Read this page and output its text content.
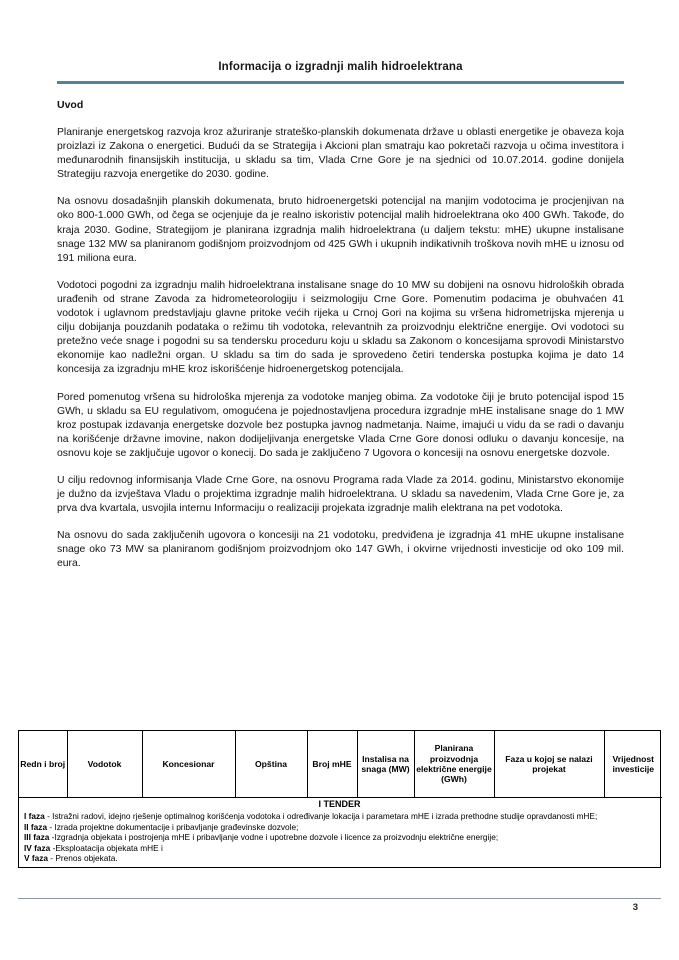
Informacija o izgradnji malih hidroelektrana
Uvod

Planiranje energetskog razvoja kroz ažuriranje strateško-planskih dokumenata države u oblasti energetike je obaveza koja proizlazi iz Zakona o energetici. Budući da se Strategija i Akcioni plan smatraju kao pokretači razvoja u očima investitora i međunarodnih finansijskih institucija, u skladu sa tim, Vlada Crne Gore je na sjednici od 10.07.2014. godine donijela Strategiju razvoja energetike do 2030. godine.

Na osnovu dosadašnjih planskih dokumenata, bruto hidroenergetski potencijal na manjim vodotocima je procjenjivan na oko 800-1.000 GWh, od čega se ocjenjuje da je realno iskoristiv potencijal malih hidroelektrana oko 400 GWh. Takođe, do kraja 2030. Godine, Strategijom je planirana izgradnja malih hidroelektrana (u daljem tekstu: mHE) ukupne instalisane snage 132 MW sa planiranom godišnjom proizvodnjom od 425 GWh i ukupnih indikativnih troškova novih mHE u iznosu od 191 miliona eura.

Vodotoci pogodni za izgradnju malih hidroelektrana instalisane snage do 10 MW su dobijeni na osnovu hidroloških obrada urađenih od strane Zavoda za hidrometeorologiju i seizmologiju Crne Gore. Pomenutim podacima je obuhvaćen 41 vodotok i uglavnom predstavljaju glavne pritoke većih rijeka u Crnoj Gori na kojima su vršena hidrometrijska mjerenja u cilju dobijanja pouzdanih podataka o režimu tih vodotoka, relevantnih za proizvodnju električne energije. Ovi vodotoci su pretežno veće snage i pogodni su sa tendersku proceduru koju u skladu sa Zakonom o koncesijama sprovodi Ministarstvo ekonomije kao nadležni organ. U skladu sa tim do sada je sprovedeno četiri tenderska postupka kojima je dato 14 koncesija za izgradnju mHE kroz iskorišćenje hidroenergetskog potencijala.

Pored pomenutog vršena su hidrološka mjerenja za vodotoke manjeg obima. Za vodotoke čiji je bruto potencijal ispod 15 GWh, u skladu sa EU regulativom, omogućena je pojednostavljena procedura izgradnje mHE instalisane snage do 1 MW kroz postupak izdavanja energetske dozvole bez postupka javnog nadmetanja. Naime, imajući u vidu da se radi o davanju na korišćenje državne imovine, nakon dodijeljivanja energetske Vlada Crne Gore donosi odluku o davanju koncesije, na osnovu koje se zaključuje ugovor o konecij. Do sada je zaključeno 7 Ugovora o koncesiji na osnovu energetske dozvole.

U cilju redovnog informisanja Vlade Crne Gore, na osnovu Programa rada Vlade za 2014. godinu, Ministarstvo ekonomije je dužno da izvještava Vladu o projektima izgradnje malih hidroelektrana. U skladu sa navedenim, Vlada Crne Gore je, za prva dva kvartala, usvojila internu Informaciju o realizaciji projekata izgradnje malih elektrana na pet vodotoka.

Na osnovu do sada zaključenih ugovora o koncesiji na 21 vodotoku, predviđena je izgradnja 41 mHE ukupne instalisane snage oko 73 MW sa planiranom godišnjom proizvodnjom oko 147 GWh, i okvirne vrijednosti investicije od oko 109 mil. eura.

Redn i broj	Vodotok	Koncesionar	Opština	Broj mHE	Instalisa na snaga (MW)	Planirana proizvodnja električne energije (GWh)	Faza u kojoj se nalazi projekat	Vrijednost investicije
I TENDER
I faza - Istražni radovi, idejno rješenje optimalnog korišćenja vodotoka i određivanje lokacija i parametara mHE i izrada prethodne studije opravdanosti mHE;
II faza - Izrada projektne dokumentacije i pribavljanje građevinske dozvole;
III faza -Izgradnja objekata i postrojenja mHE i pribavljanje vodne i upotrebne dozvole i licence za proizvodnju električne energije;
IV faza -Eksploatacija objekata mHE i
V faza - Prenos objekata.
3
